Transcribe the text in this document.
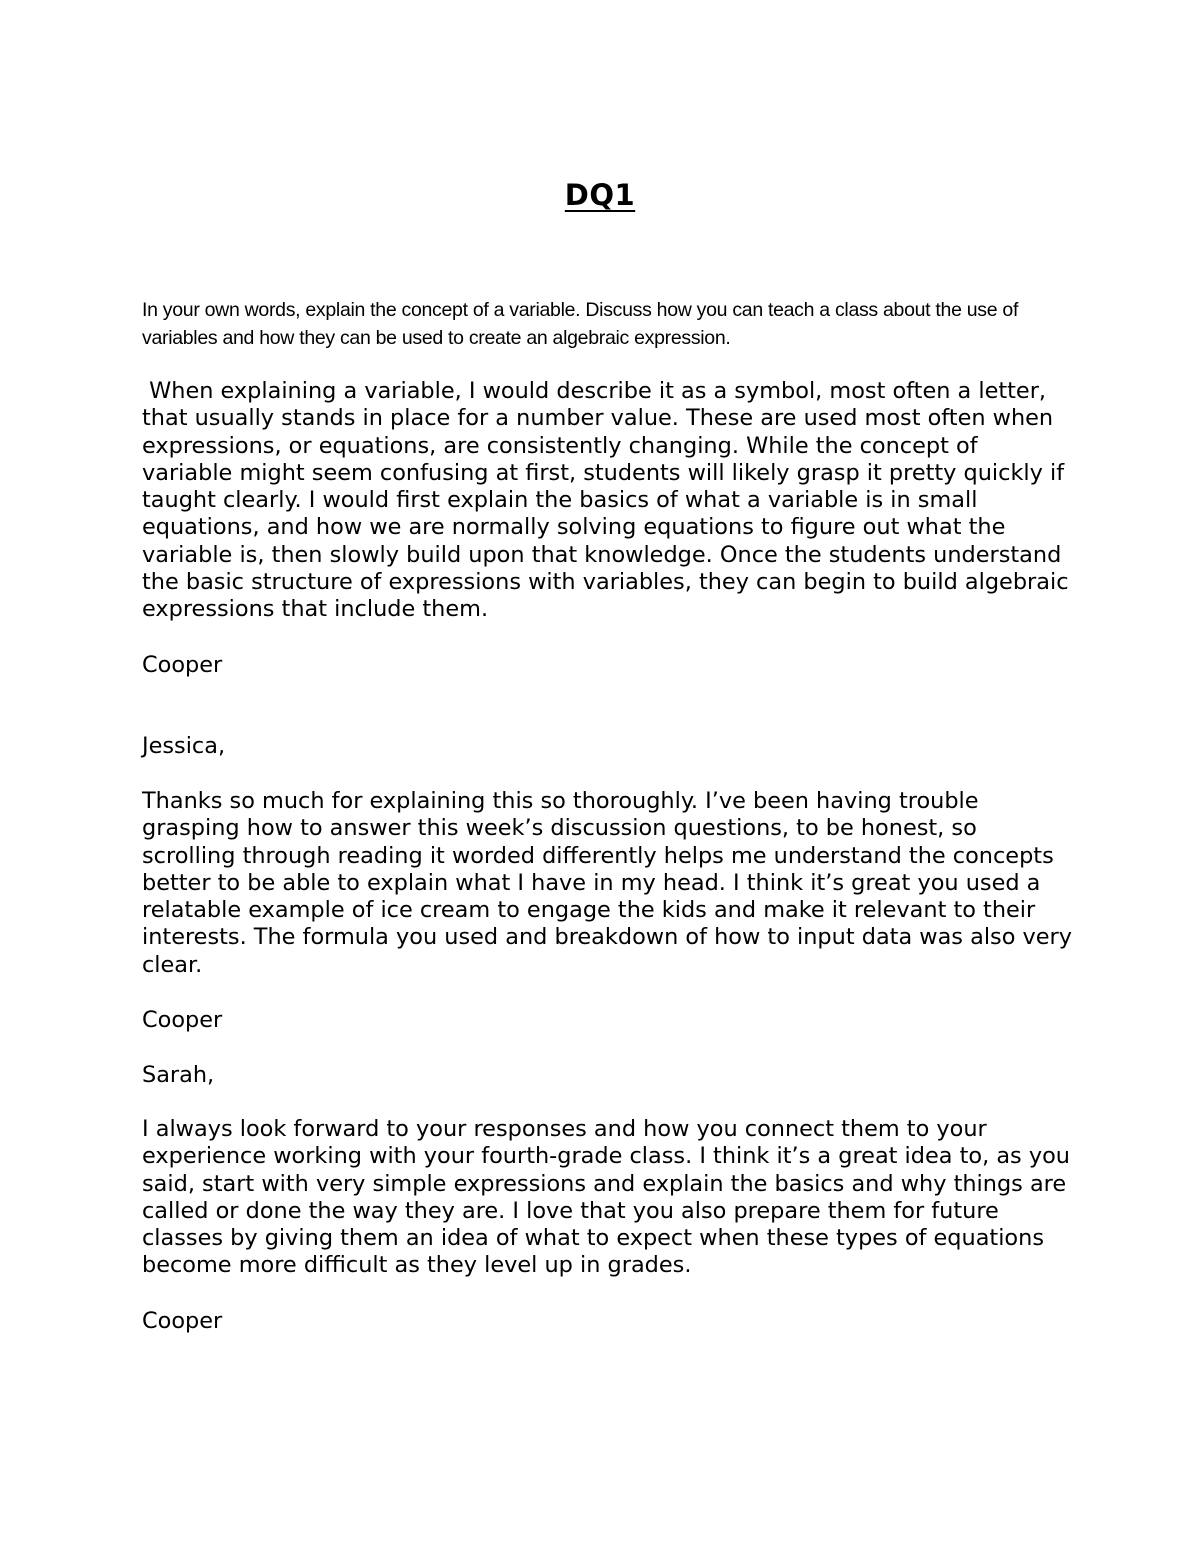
DQ1
In your own words, explain the concept of a variable. Discuss how you can teach a class about the use of variables and how they can be used to create an algebraic expression.
When explaining a variable, I would describe it as a symbol, most often a letter, that usually stands in place for a number value. These are used most often when expressions, or equations, are consistently changing. While the concept of variable might seem confusing at first, students will likely grasp it pretty quickly if taught clearly. I would first explain the basics of what a variable is in small equations, and how we are normally solving equations to figure out what the variable is, then slowly build upon that knowledge. Once the students understand the basic structure of expressions with variables, they can begin to build algebraic expressions that include them.
Cooper
Jessica,
Thanks so much for explaining this so thoroughly. I’ve been having trouble grasping how to answer this week’s discussion questions, to be honest, so scrolling through reading it worded differently helps me understand the concepts better to be able to explain what I have in my head. I think it’s great you used a relatable example of ice cream to engage the kids and make it relevant to their interests. The formula you used and breakdown of how to input data was also very clear.
Cooper
Sarah,
I always look forward to your responses and how you connect them to your experience working with your fourth-grade class. I think it’s a great idea to, as you said, start with very simple expressions and explain the basics and why things are called or done the way they are. I love that you also prepare them for future classes by giving them an idea of what to expect when these types of equations become more difficult as they level up in grades.
Cooper
